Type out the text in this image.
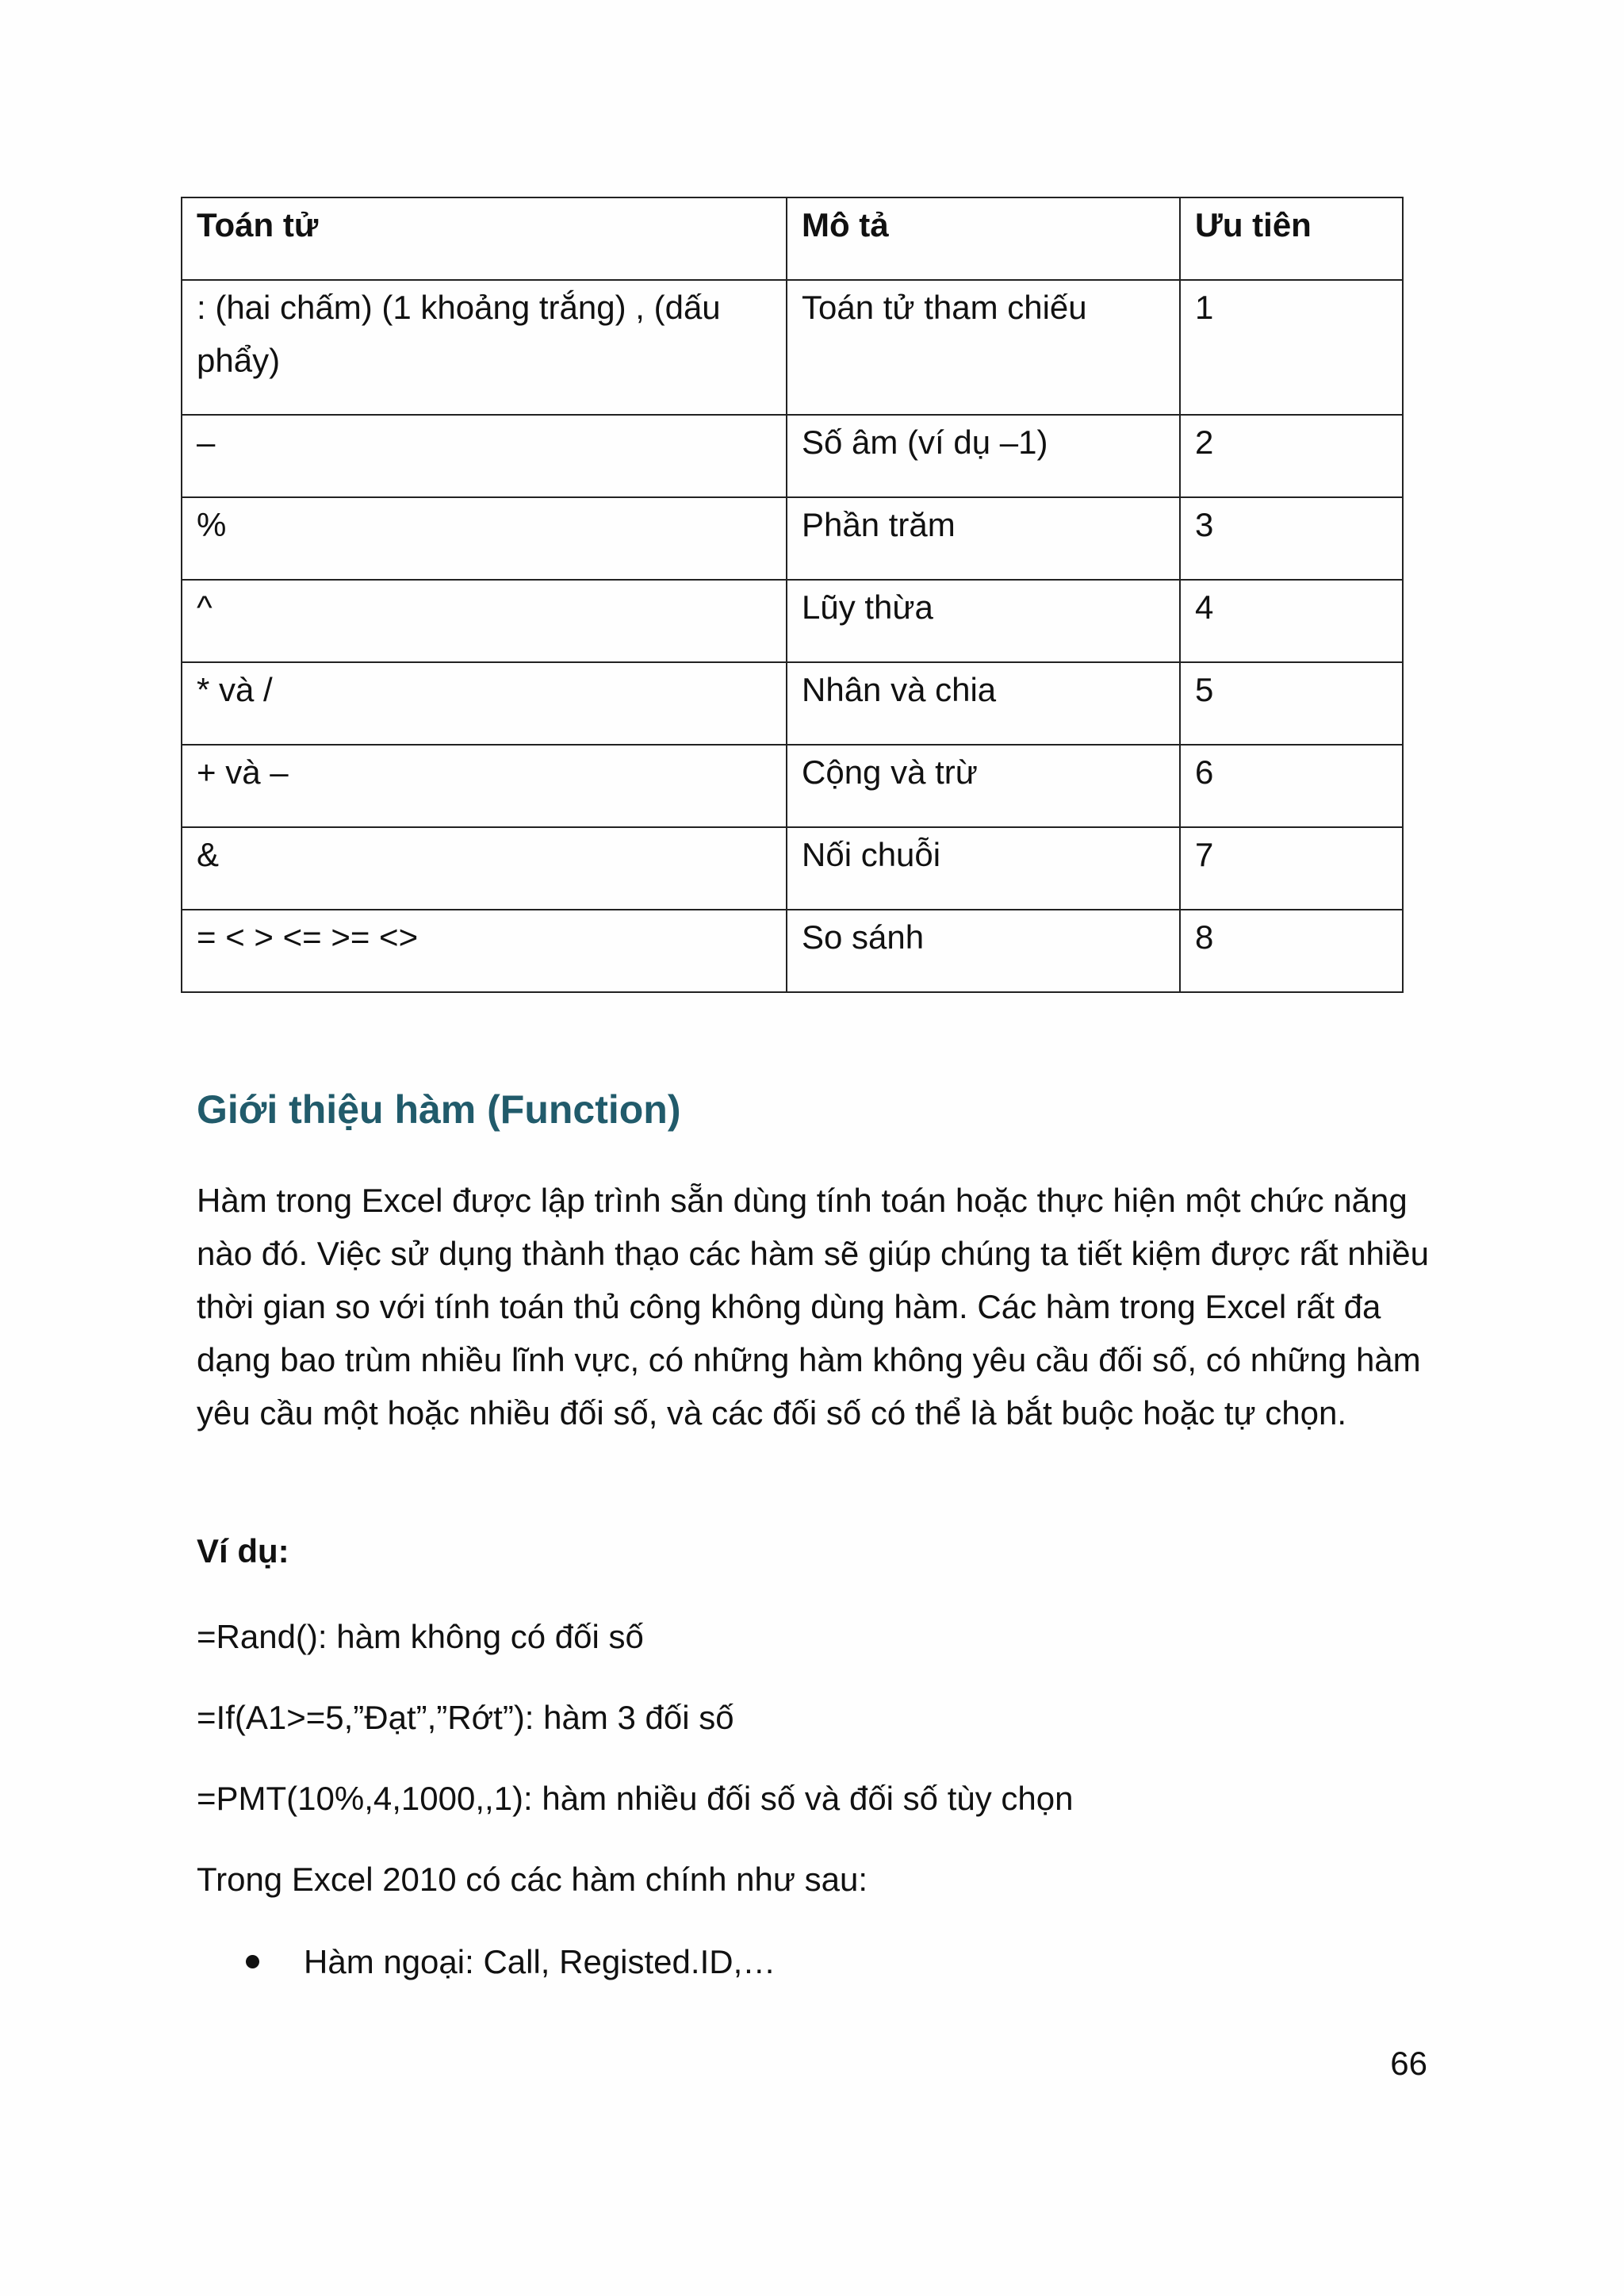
Toán tử	Mô tả	Ưu tiên
: (hai chấm) (1 khoảng trắng) , (dấu phẩy)	Toán tử tham chiếu	1
–	Số âm (ví dụ –1)	2
%	Phần trăm	3
^	Lũy thừa	4
* và /	Nhân và chia	5
+ và –	Cộng và trừ	6
&	Nối chuỗi	7
= < > <= >= <>	So sánh	8
Giới thiệu hàm (Function)

Hàm trong Excel được lập trình sẵn dùng tính toán hoặc thực hiện một chức năng nào đó. Việc sử dụng thành thạo các hàm sẽ giúp chúng ta tiết kiệm được rất nhiều thời gian so với tính toán thủ công không dùng hàm. Các hàm trong Excel rất đa dạng bao trùm nhiều lĩnh vực, có những hàm không yêu cầu đối số, có những hàm yêu cầu một hoặc nhiều đối số, và các đối số có thể là bắt buộc hoặc tự chọn.

Ví dụ:

=Rand(): hàm không có đối số

=If(A1>=5,”Đạt”,”Rớt”): hàm 3 đối số

=PMT(10%,4,1000,,1): hàm nhiều đối số và đối số tùy chọn

Trong Excel 2010 có các hàm chính như sau:

Hàm ngoại: Call, Registed.ID,…
66
